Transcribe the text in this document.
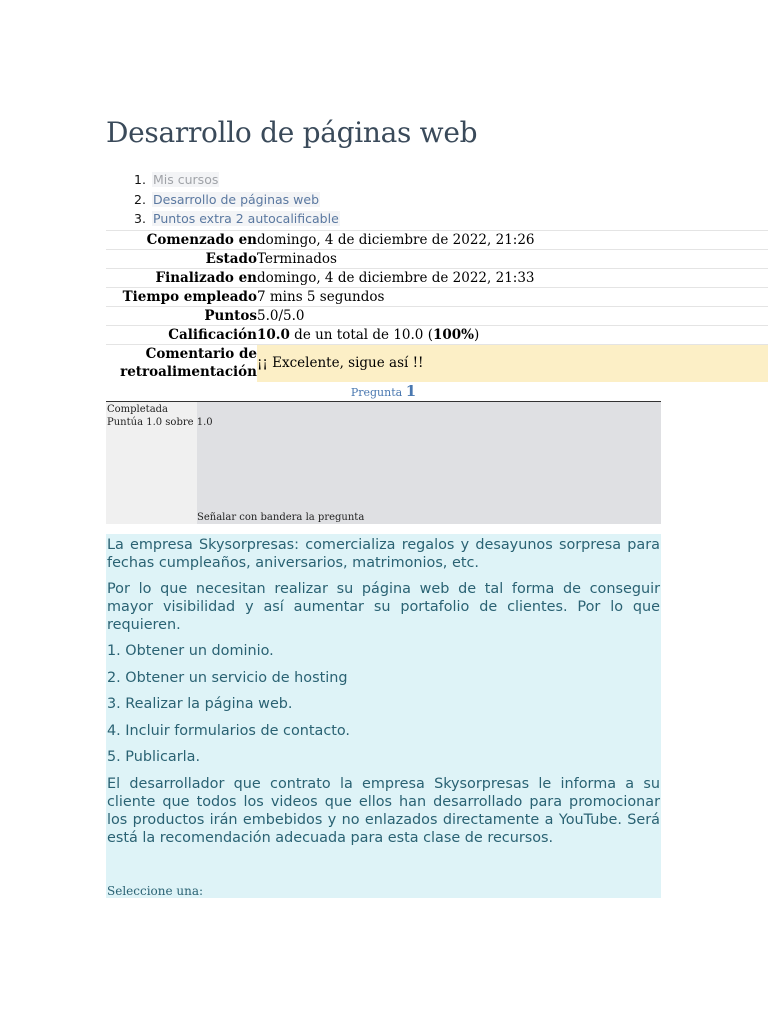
Desarrollo de páginas web
1. Mis cursos
2. Desarrollo de páginas web
3. Puntos extra 2 autocalificable
Comenzado en	domingo, 4 de diciembre de 2022, 21:26
Estado	Terminados
Finalizado en	domingo, 4 de diciembre de 2022, 21:33
Tiempo empleado	7 mins 5 segundos
Puntos	5.0/5.0
Calificación	10.0 de un total de 10.0 (100%)
Comentario de
retroalimentación	¡¡ Excelente, sigue así !!
Pregunta 1
Completada
Puntúa 1.0 sobre 1.0
Señalar con bandera la pregunta

La empresa Skysorpresas: comercializa regalos y desayunos sorpresa para fechas cumpleaños, aniversarios, matrimonios, etc.

Por lo que necesitan realizar su página web de tal forma de conseguir mayor visibilidad y así aumentar su portafolio de clientes. Por lo que requieren.

1. Obtener un dominio.

2. Obtener un servicio de hosting

3. Realizar la página web.

4. Incluir formularios de contacto.

5. Publicarla.

El desarrollador que contrato la empresa Skysorpresas le informa a su cliente que todos los videos que ellos han desarrollado para promocionar los productos irán embebidos y no enlazados directamente a YouTube. Será está la recomendación adecuada para esta clase de recursos.

Seleccione una:
